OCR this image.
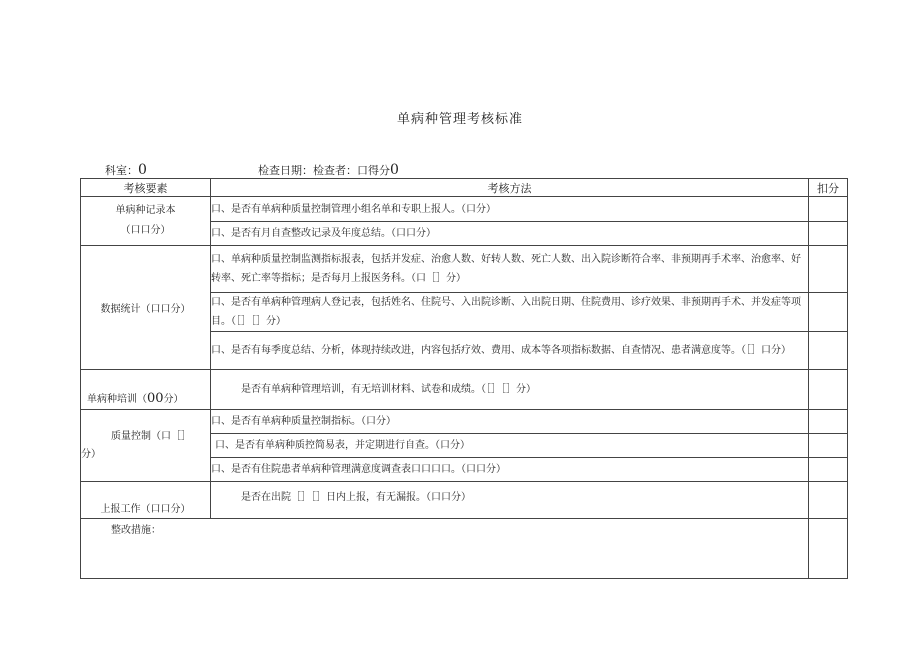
单病种管理考核标准
科室：0	检查日期：检查者：口得分0
考核要素	考核方法	扣分

单病种记录本
（口口分）	口、是否有单病种质量控制管理小组名单和专职上报人。（口分）	
	口、是否有月自查整改记录及年度总结。（口口分）	
数据统计（口口分）	口、单病种质量控制监测指标报表，包括并发症、治愈人数、好转人数、死亡人数、出入院诊断符合率、非预期再手术率、治愈率、好转率、死亡率等指标；是否每月上报医务科。（口［］分）	
	口、是否有单病种管理病人登记表，包括姓名、住院号、入出院诊断、入出院日期、住院费用、诊疗效果、非预期再手术、并发症等项目。（［］［］分）	
	口、是否有每季度总结、分析，体现持续改进，内容包括疗效、费用、成本等各项指标数据、自查情况、患者满意度等。（［］口分）	
单病种培训（00分）	是否有单病种管理培训，有无培训材料、试卷和成绩。（［］［］分）	

质量控制（口［］
分）	口、是否有单病种质量控制指标。（口分）	
	口、是否有单病种质控简易表，并定期进行自查。（口分）	
	口、是否有住院患者单病种管理满意度调查表口口口口。（口口分）	
上报工作（口口分）	是否在出院［］［］日内上报，有无漏报。（口口分）	
整改措施：		
